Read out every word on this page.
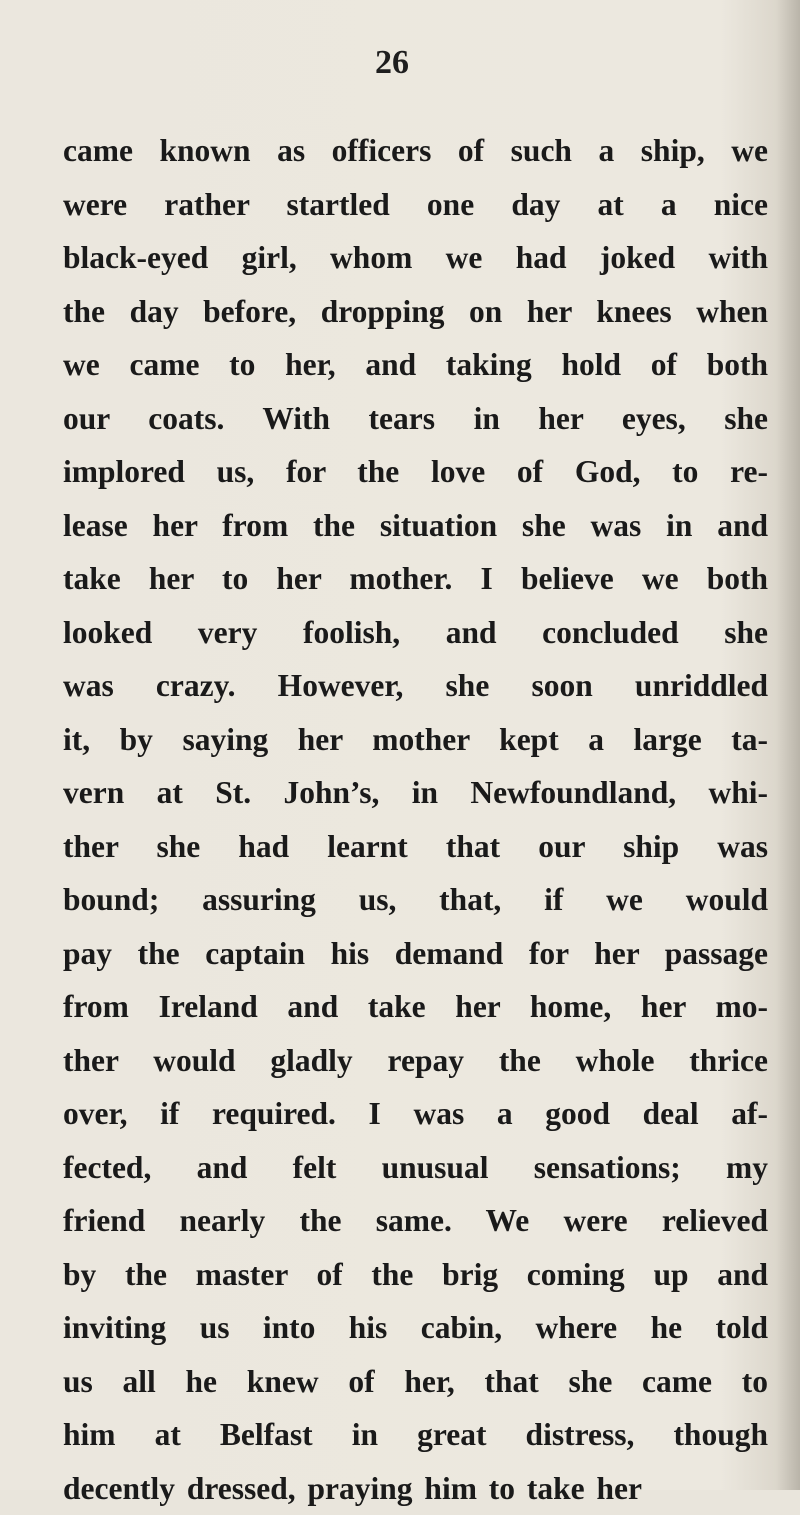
26
came known as officers of such a ship, we
were rather startled one day at a nice
black-eyed girl, whom we had joked with
the day before, dropping on her knees when
we came to her, and taking hold of both
our coats. With tears in her eyes, she
implored us, for the love of God, to re-
lease her from the situation she was in and
take her to her mother. I believe we both
looked very foolish, and concluded she
was crazy. However, she soon unriddled
it, by saying her mother kept a large ta-
vern at St. John’s, in Newfoundland, whi-
ther she had learnt that our ship was
bound; assuring us, that, if we would
pay the captain his demand for her passage
from Ireland and take her home, her mo-
ther would gladly repay the whole thrice
over, if required. I was a good deal af-
fected, and felt unusual sensations; my
friend nearly the same. We were relieved
by the master of the brig coming up and
inviting us into his cabin, where he told
us all he knew of her, that she came to
him at Belfast in great distress, though
decently dressed, praying him to take her
